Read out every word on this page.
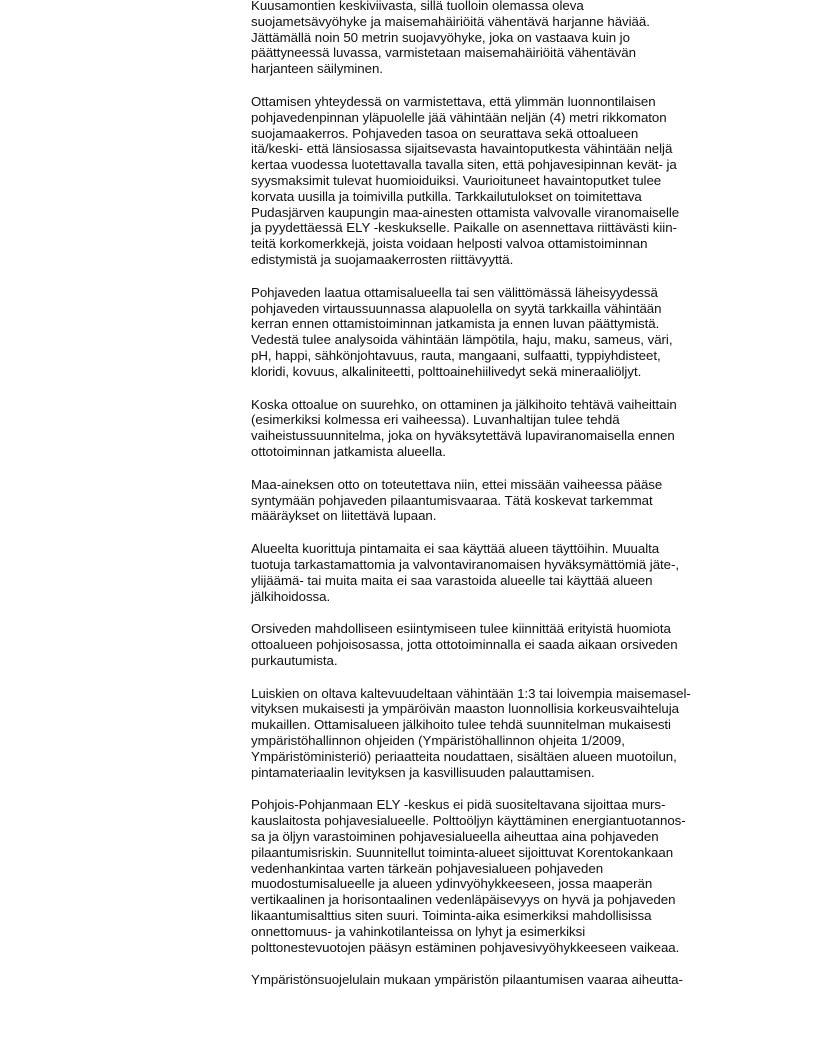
Kuusamontien keskiviivasta, sillä tuolloin olemassa oleva
suojametsävyöhyke ja maisemahäiriöitä vähentävä harjanne häviää.
Jättämällä noin 50 metrin suojavyöhyke, joka on vastaava kuin jo
päättyneessä luvassa, varmistetaan maisemahäiriöitä vähentävän
harjanteen säilyminen.
Ottamisen yhteydessä on varmistettava, että ylimmän luonnontilaisen
pohjavedenpinnan yläpuolelle jää vähintään neljän (4) metri rikkomaton
suojamaakerros. Pohjaveden tasoa on seurattava sekä ottoalueen
itä/keski- että länsiosassa sijaitsevasta havaintoputkesta vähintään neljä
kertaa vuodessa luotettavalla tavalla siten, että pohjavesipinnan kevät- ja
syysmaksimit tulevat huomioiduiksi. Vaurioituneet havaintoputket tulee
korvata uusilla ja toimivilla putkilla. Tarkkailutulokset on toimitettava
Pudasjärven kaupungin maa-ainesten ottamista valvovalle viranomaiselle
ja pyydettäessä ELY -keskukselle. Paikalle on asennettava riittävästi kiin-
teitä korkomerkkejä, joista voidaan helposti valvoa ottamistoiminnan
edistymistä ja suojamaakerrosten riittävyyttä.
Pohjaveden laatua ottamisalueella tai sen välittömässä läheisyydessä
pohjaveden virtaussuunnassa alapuolella on syytä tarkkailla vähintään
kerran ennen ottamistoiminnan jatkamista ja ennen luvan päättymistä.
Vedestä tulee analysoida vähintään lämpötila, haju, maku, sameus, väri,
pH, happi, sähkönjohtavuus, rauta, mangaani, sulfaatti, typpiyhdisteet,
kloridi, kovuus, alkaliniteetti, polttoainehiilivedyt sekä mineraaliöljyt.
Koska ottoalue on suurehko, on ottaminen ja jälkihoito tehtävä vaiheittain
(esimerkiksi kolmessa eri vaiheessa). Luvanhaltijan tulee tehdä
vaiheistussuunnitelma, joka on hyväksytettävä lupaviranomaisella ennen
ottotoiminnan jatkamista alueella.
Maa-aineksen otto on toteutettava niin, ettei missään vaiheessa pääse
syntymään pohjaveden pilaantumisvaaraa. Tätä koskevat tarkemmat
määräykset on liitettävä lupaan.
Alueelta kuorittuja pintamaita ei saa käyttää alueen täyttöihin. Muualta
tuotuja tarkastamattomia ja valvontaviranomaisen hyväksymättömiä jäte-,
ylijäämä- tai muita maita ei saa varastoida alueelle tai käyttää alueen
jälkihoidossa.
Orsiveden mahdolliseen esiintymiseen tulee kiinnittää erityistä huomiota
ottoalueen pohjoisosassa, jotta ottotoiminnalla ei saada aikaan orsiveden
purkautumista.
Luiskien on oltava kaltevuudeltaan vähintään 1:3 tai loivempia maisemasel-
vityksen mukaisesti ja ympäröivän maaston luonnollisia korkeusvaihteluja
mukaillen. Ottamisalueen jälkihoito tulee tehdä suunnitelman mukaisesti
ympäristöhallinnon ohjeiden (Ympäristöhallinnon ohjeita 1/2009,
Ympäristöministeriö) periaatteita noudattaen, sisältäen alueen muotoilun,
pintamateriaalin levityksen ja kasvillisuuden palauttamisen.
Pohjois-Pohjanmaan ELY -keskus ei pidä suositeltavana sijoittaa murs-
kauslaitosta pohjavesialueelle. Polttoöljyn käyttäminen energiantuotannos-
sa ja öljyn varastoiminen pohjavesialueella aiheuttaa aina pohjaveden
pilaantumisriskin. Suunnitellut toiminta-alueet sijoittuvat Korentokankaan
vedenhankintaa varten tärkeän pohjavesialueen pohjaveden
muodostumisalueelle ja alueen ydinvyöhykkeeseen, jossa maaperän
vertikaalinen ja horisontaalinen vedenläpäisevyys on hyvä ja pohjaveden
likaantumisalttius siten suuri. Toiminta-aika esimerkiksi mahdollisissa
onnettomuus- ja vahinkotilanteissa on lyhyt ja esimerkiksi
polttonestevuotojen pääsyn estäminen pohjavesivyöhykkeeseen vaikeaa.
Ympäristönsuojelulain mukaan ympäristön pilaantumisen vaaraa aiheutta-
